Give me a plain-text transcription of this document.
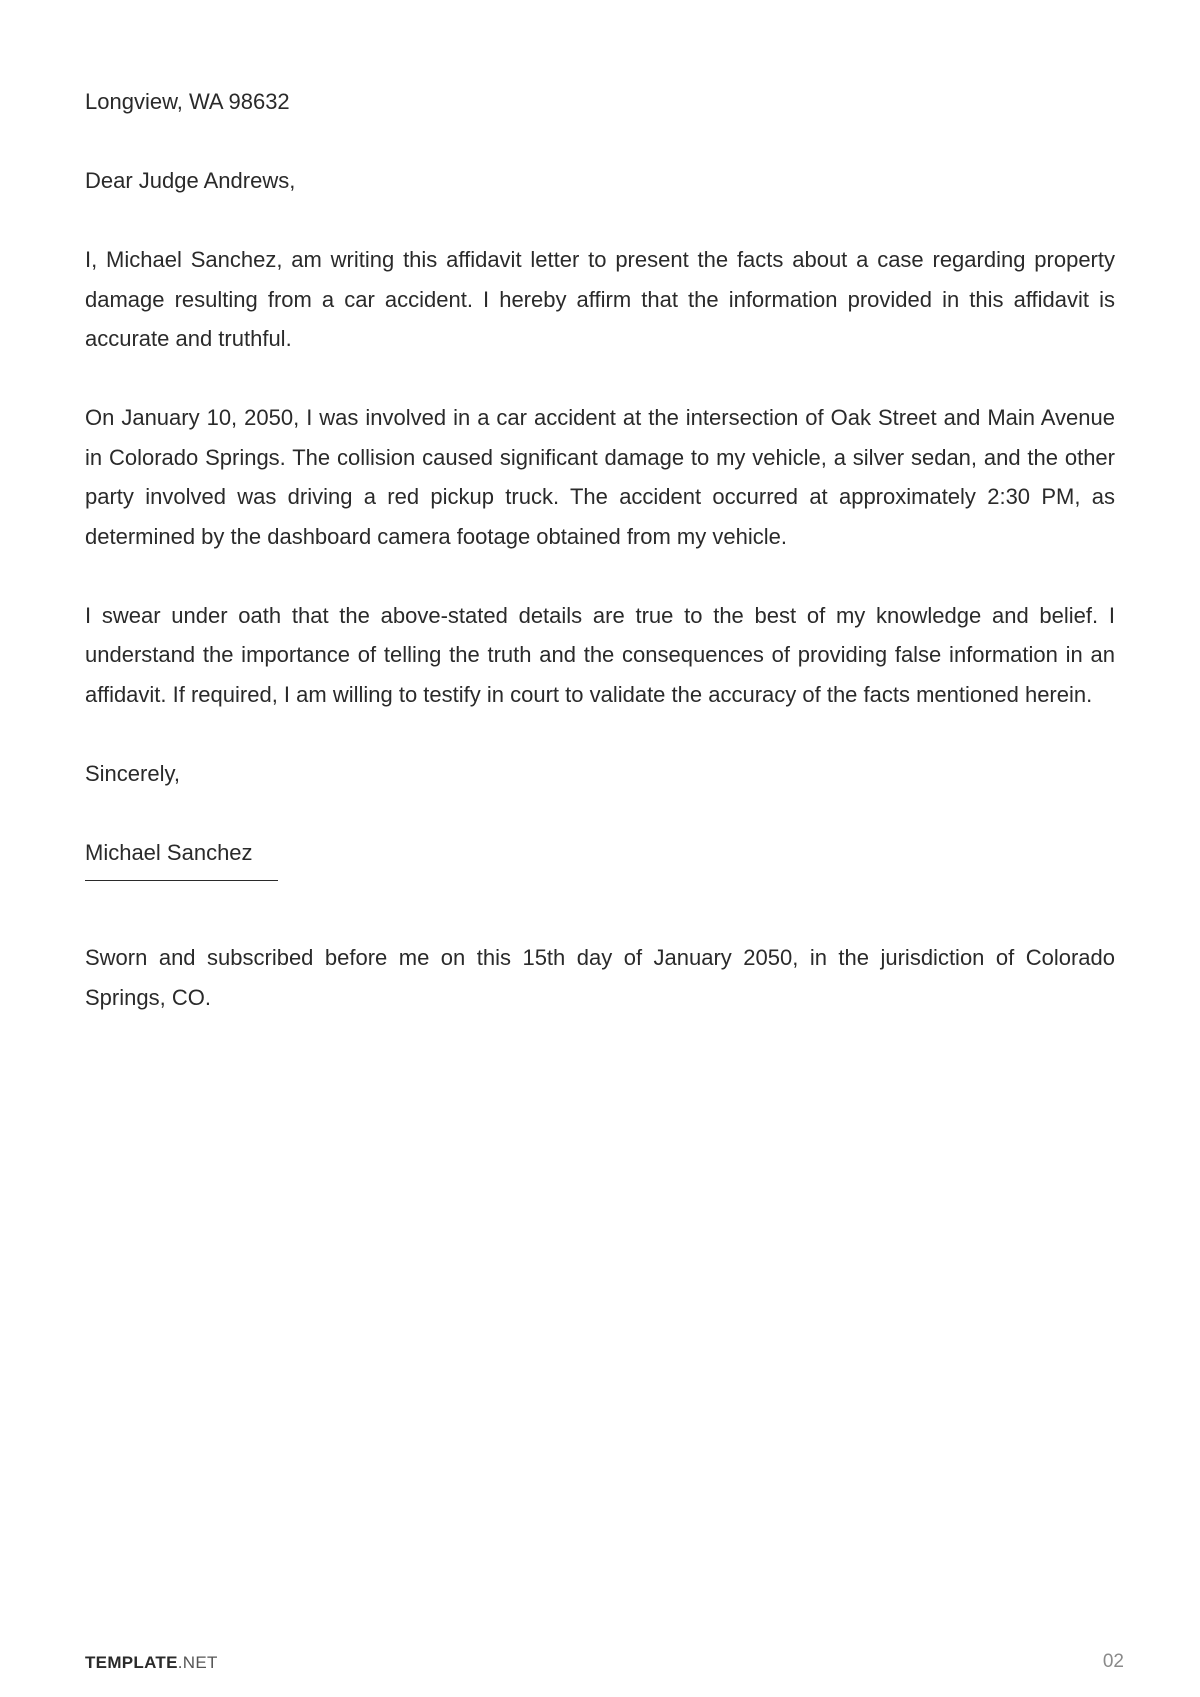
Longview, WA 98632

Dear Judge Andrews,

I, Michael Sanchez, am writing this affidavit letter to present the facts about a case regarding property damage resulting from a car accident. I hereby affirm that the information provided in this affidavit is accurate and truthful.

On January 10, 2050, I was involved in a car accident at the intersection of Oak Street and Main Avenue in Colorado Springs. The collision caused significant damage to my vehicle, a silver sedan, and the other party involved was driving a red pickup truck. The accident occurred at approximately 2:30 PM, as determined by the dashboard camera footage obtained from my vehicle.

I swear under oath that the above-stated details are true to the best of my knowledge and belief. I understand the importance of telling the truth and the consequences of providing false information in an affidavit. If required, I am willing to testify in court to validate the accuracy of the facts mentioned herein.

Sincerely,

Michael Sanchez

Sworn and subscribed before me on this 15th day of January 2050, in the jurisdiction of Colorado Springs, CO.

TEMPLATE.NET	02
